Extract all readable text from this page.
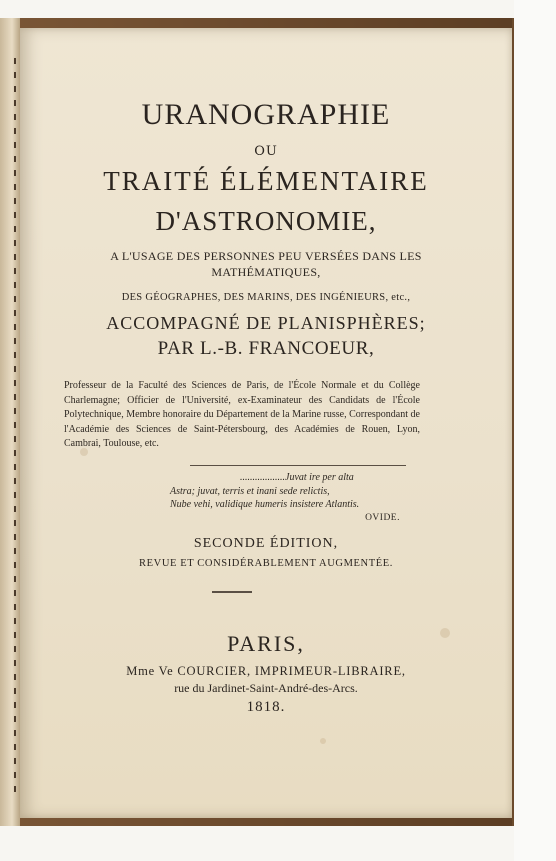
URANOGRAPHIE
OU
TRAITÉ ÉLÉMENTAIRE
D'ASTRONOMIE,
A L'USAGE DES PERSONNES PEU VERSÉES DANS LES
MATHÉMATIQUES,
DES GÉOGRAPHES, DES MARINS, DES INGÉNIEURS, etc.,
ACCOMPAGNÉ DE PLANISPHÈRES;
PAR L.-B. FRANCOEUR,
Professeur de la Faculté des Sciences de Paris, de l'École Normale et du Collège Charlemagne; Officier de l'Université, ex-Examinateur des Candidats de l'École Polytechnique, Membre honoraire du Département de la Marine russe, Correspondant de l'Académie des Sciences de Saint-Pétersbourg, des Académies de Rouen, Lyon, Cambrai, Toulouse, etc.
..................Juvat ire per alta
Astra; juvat, terris et inani sede relictis,
Nube vehi, validique humeris insistere Atlantis.
OVIDE.
SECONDE ÉDITION,
REVUE ET CONSIDÉRABLEMENT AUGMENTÉE.
PARIS,
Mme Ve COURCIER, IMPRIMEUR-LIBRAIRE,
rue du Jardinet-Saint-André-des-Arcs.
1818.
